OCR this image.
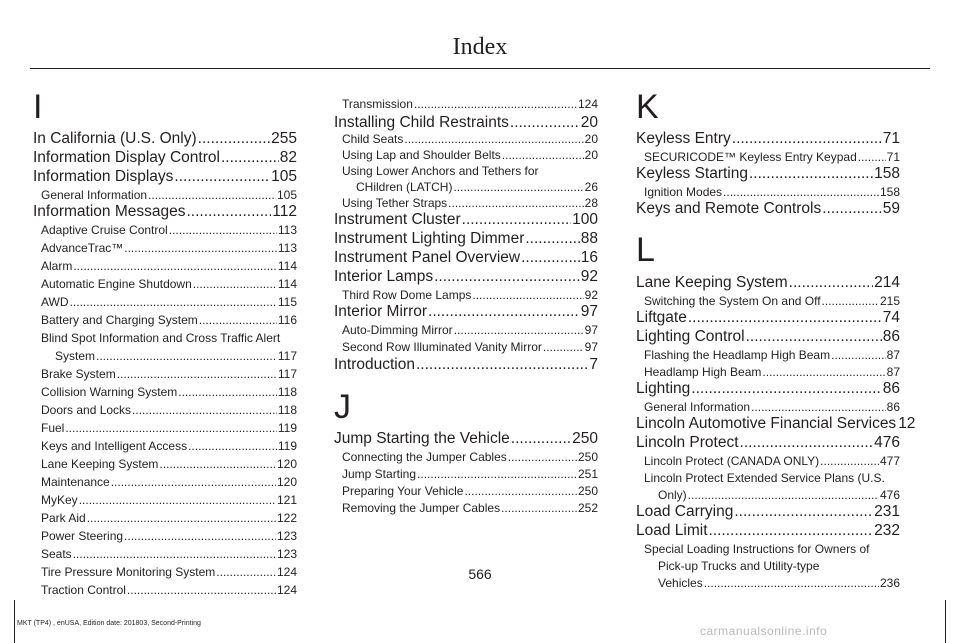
Index
I
In California (U.S. Only) .....	255
Information Display Control .....	82
Information Displays .....	105
General Information .....	105
Information Messages .....	112
Adaptive Cruise Control .....	113
AdvanceTrac™ .....	113
Alarm .....	114
Automatic Engine Shutdown .....	114
AWD .....	115
Battery and Charging System .....	116
Blind Spot Information and Cross Traffic Alert
System .....	117
Brake System .....	117
Collision Warning System .....	118
Doors and Locks .....	118
Fuel .....	119
Keys and Intelligent Access .....	119
Lane Keeping System .....	120
Maintenance .....	120
MyKey .....	121
Park Aid .....	122
Power Steering .....	123
Seats .....	123
Tire Pressure Monitoring System .....	124
Traction Control .....	124
Transmission .....	124
Installing Child Restraints .....	20
Child Seats .....	20
Using Lap and Shoulder Belts .....	20
Using Lower Anchors and Tethers for
CHildren (LATCH) .....	26
Using Tether Straps .....	28
Instrument Cluster .....	100
Instrument Lighting Dimmer .....	88
Instrument Panel Overview .....	16
Interior Lamps .....	92
Third Row Dome Lamps .....	92
Interior Mirror .....	97
Auto-Dimming Mirror .....	97
Second Row Illuminated Vanity Mirror .....	97
Introduction .....	7
J
Jump Starting the Vehicle .....	250
Connecting the Jumper Cables .....	250
Jump Starting .....	251
Preparing Your Vehicle .....	250
Removing the Jumper Cables .....	252
K
Keyless Entry .....	71
SECURICODE™ Keyless Entry Keypad ..... 71
Keyless Starting .....	158
Ignition Modes .....	158
Keys and Remote Controls .....	59
L
Lane Keeping System .....	214
Switching the System On and Off .....	215
Liftgate .....	74
Lighting Control .....	86
Flashing the Headlamp High Beam .....	87
Headlamp High Beam .....	87
Lighting .....	86
General Information .....	86
Lincoln Automotive Financial Services 12
Lincoln Protect .....	476
Lincoln Protect (CANADA ONLY) .....	477
Lincoln Protect Extended Service Plans (U.S.
Only) .....	476
Load Carrying .....	231
Load Limit .....	232
Special Loading Instructions for Owners of
Pick-up Trucks and Utility-type
Vehicles .....	236
566
MKT (TP4) , enUSA, Edition date: 201803, Second-Printing
carmanualsonline.info
